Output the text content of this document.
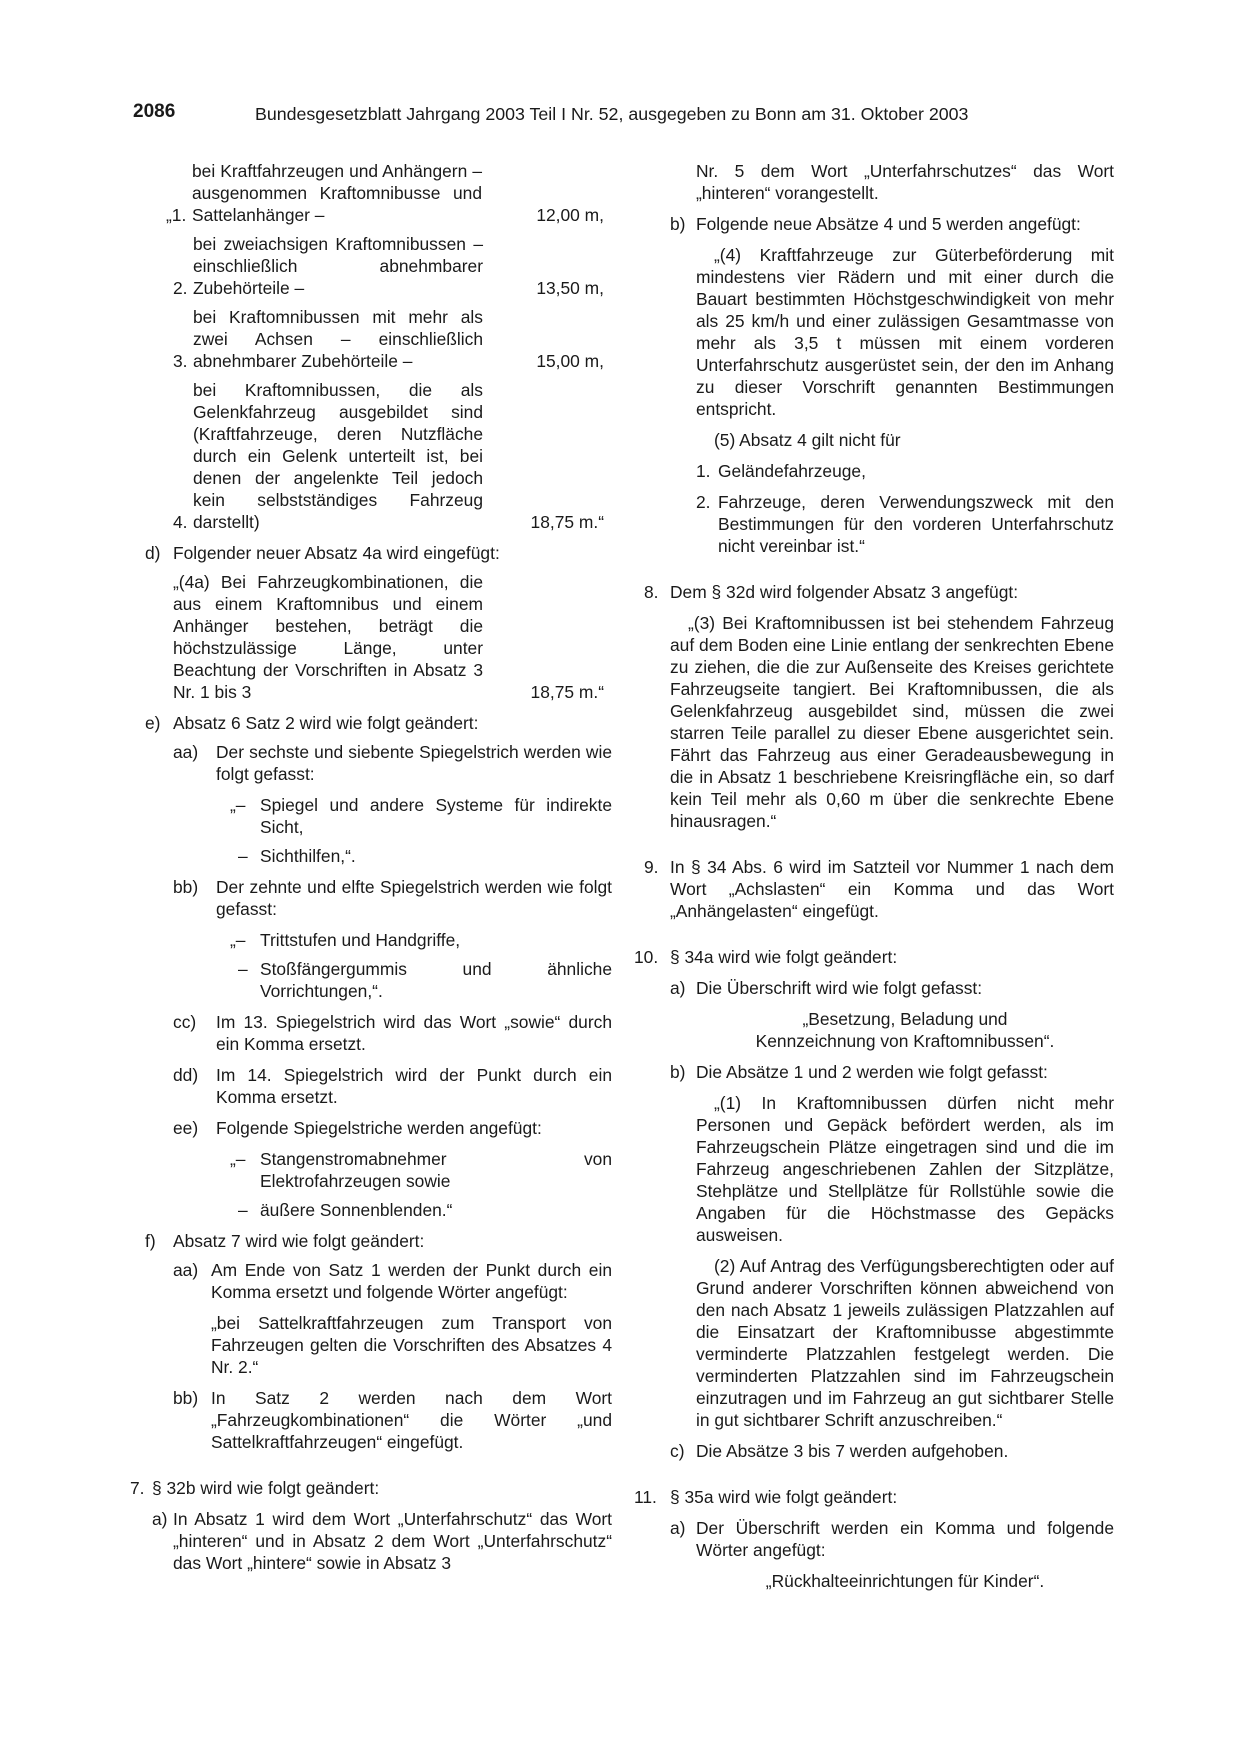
2086	Bundesgesetzblatt Jahrgang 2003 Teil I Nr. 52, ausgegeben zu Bonn am 31. Oktober 2003
„1.
bei Kraftfahrzeugen und Anhängern – ausgenommen Kraftomnibusse und Sattelanhänger –	12,00 m,
2.
bei zweiachsigen Kraftomnibussen – einschließlich abnehmbarer Zubehörteile –	13,50 m,
3.
bei Kraftomnibussen mit mehr als zwei Achsen – einschließlich abnehmbarer Zubehörteile –	15,00 m,
4.
bei Kraftomnibussen, die als Gelenkfahrzeug ausgebildet sind (Kraftfahrzeuge, deren Nutzfläche durch ein Gelenk unterteilt ist, bei denen der angelenkte Teil jedoch kein selbstständiges Fahrzeug darstellt)	18,75 m.“
d) Folgender neuer Absatz 4a wird eingefügt:
„(4a) Bei Fahrzeugkombinationen, die aus einem Kraftomnibus und einem Anhänger bestehen, beträgt die höchstzulässige Länge, unter Beachtung der Vorschriften in Absatz 3 Nr. 1 bis 3	18,75 m.“
e) Absatz 6 Satz 2 wird wie folgt geändert:
aa)	Der sechste und siebente Spiegelstrich werden wie folgt gefasst:
„– Spiegel und andere Systeme für indirekte Sicht,
– Sichthilfen,“.
bb)	Der zehnte und elfte Spiegelstrich werden wie folgt gefasst:
„– Trittstufen und Handgriffe,
– Stoßfängergummis und ähnliche Vorrichtungen,“.
cc)	Im 13. Spiegelstrich wird das Wort „sowie“ durch ein Komma ersetzt.
dd)	Im 14. Spiegelstrich wird der Punkt durch ein Komma ersetzt.
ee)	Folgende Spiegelstriche werden angefügt:
„– Stangenstromabnehmer von Elektrofahrzeugen sowie
– äußere Sonnenblenden.“
f) Absatz 7 wird wie folgt geändert:
aa) Am Ende von Satz 1 werden der Punkt durch ein Komma ersetzt und folgende Wörter angefügt:
„bei Sattelkraftfahrzeugen zum Transport von Fahrzeugen gelten die Vorschriften des Absatzes 4 Nr. 2.“
bb) In Satz 2 werden nach dem Wort „Fahrzeugkombinationen“ die Wörter „und Sattelkraftfahrzeugen“ eingefügt.
7. § 32b wird wie folgt geändert:
a) In Absatz 1 wird dem Wort „Unterfahrschutz“ das Wort „hinteren“ und in Absatz 2 dem Wort „Unterfahrschutz“ das Wort „hintere“ sowie in Absatz 3
Nr. 5 dem Wort „Unterfahrschutzes“ das Wort „hinteren“ vorangestellt.
b) Folgende neue Absätze 4 und 5 werden angefügt:
„(4) Kraftfahrzeuge zur Güterbeförderung mit mindestens vier Rädern und mit einer durch die Bauart bestimmten Höchstgeschwindigkeit von mehr als 25 km/h und einer zulässigen Gesamtmasse von mehr als 3,5 t müssen mit einem vorderen Unterfahrschutz ausgerüstet sein, der den im Anhang zu dieser Vorschrift genannten Bestimmungen entspricht.
(5) Absatz 4 gilt nicht für
1. Geländefahrzeuge,
2. Fahrzeuge, deren Verwendungszweck mit den Bestimmungen für den vorderen Unterfahrschutz nicht vereinbar ist.“
8. Dem § 32d wird folgender Absatz 3 angefügt:
„(3) Bei Kraftomnibussen ist bei stehendem Fahrzeug auf dem Boden eine Linie entlang der senkrechten Ebene zu ziehen, die die zur Außenseite des Kreises gerichtete Fahrzeugseite tangiert. Bei Kraftomnibussen, die als Gelenkfahrzeug ausgebildet sind, müssen die zwei starren Teile parallel zu dieser Ebene ausgerichtet sein. Fährt das Fahrzeug aus einer Geradeausbewegung in die in Absatz 1 beschriebene Kreisringfläche ein, so darf kein Teil mehr als 0,60 m über die senkrechte Ebene hinausragen.“
9. In § 34 Abs. 6 wird im Satzteil vor Nummer 1 nach dem Wort „Achslasten“ ein Komma und das Wort „Anhängelasten“ eingefügt.
10. § 34a wird wie folgt geändert:
a) Die Überschrift wird wie folgt gefasst:
„Besetzung, Beladung und
Kennzeichnung von Kraftomnibussen“.
b) Die Absätze 1 und 2 werden wie folgt gefasst:
„(1) In Kraftomnibussen dürfen nicht mehr Personen und Gepäck befördert werden, als im Fahrzeugschein Plätze eingetragen sind und die im Fahrzeug angeschriebenen Zahlen der Sitzplätze, Stehplätze und Stellplätze für Rollstühle sowie die Angaben für die Höchstmasse des Gepäcks ausweisen.
(2) Auf Antrag des Verfügungsberechtigten oder auf Grund anderer Vorschriften können abweichend von den nach Absatz 1 jeweils zulässigen Platzzahlen auf die Einsatzart der Kraftomnibusse abgestimmte verminderte Platzzahlen festgelegt werden. Die verminderten Platzzahlen sind im Fahrzeugschein einzutragen und im Fahrzeug an gut sichtbarer Stelle in gut sichtbarer Schrift anzuschreiben.“
c) Die Absätze 3 bis 7 werden aufgehoben.
11. § 35a wird wie folgt geändert:
a) Der Überschrift werden ein Komma und folgende Wörter angefügt:
„Rückhalteeinrichtungen für Kinder“.
